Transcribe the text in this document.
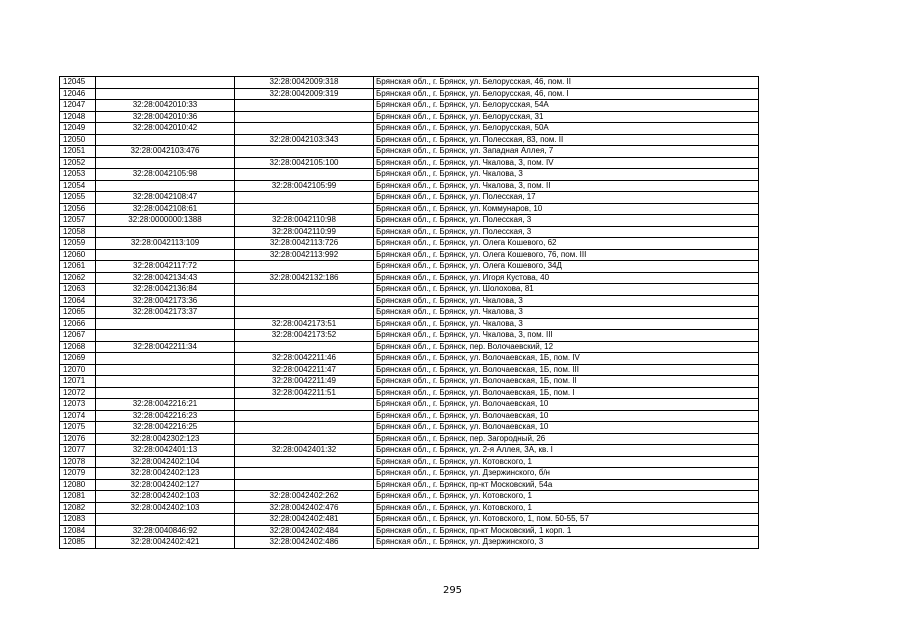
12045		32:28:0042009:318	Брянская обл., г. Брянск, ул. Белорусская, 46, пом. II
12046		32:28:0042009:319	Брянская обл., г. Брянск, ул. Белорусская, 46, пом. I
12047	32:28:0042010:33		Брянская обл., г. Брянск, ул. Белорусская, 54А
12048	32:28:0042010:36		Брянская обл., г. Брянск, ул. Белорусская, 31
12049	32:28:0042010:42		Брянская обл., г. Брянск, ул. Белорусская, 50А
12050		32:28:0042103:343	Брянская обл., г. Брянск, ул. Полесская, 83, пом. II
12051	32:28:0042103:476		Брянская обл., г. Брянск, ул. Западная Аллея, 7
12052		32:28:0042105:100	Брянская обл., г. Брянск, ул. Чкалова, 3, пом. IV
12053	32:28:0042105:98		Брянская обл., г. Брянск, ул. Чкалова, 3
12054		32:28:0042105:99	Брянская обл., г. Брянск, ул. Чкалова, 3, пом. II
12055	32:28:0042108:47		Брянская обл., г. Брянск, ул. Полесская, 17
12056	32:28:0042108:61		Брянская обл., г. Брянск, ул. Коммунаров, 10
12057	32:28:0000000:1388	32:28:0042110:98	Брянская обл., г. Брянск, ул. Полесская, 3
12058		32:28:0042110:99	Брянская обл., г. Брянск, ул. Полесская, 3
12059	32:28:0042113:109	32:28:0042113:726	Брянская обл., г. Брянск, ул. Олега Кошевого, 62
12060		32:28:0042113:992	Брянская обл., г. Брянск, ул. Олега Кошевого, 76, пом. III
12061	32:28:0042117:72		Брянская обл., г. Брянск, ул. Олега Кошевого, 34Д
12062	32:28:0042134:43	32:28:0042132:186	Брянская обл., г. Брянск, ул. Игоря Кустова, 40
12063	32:28:0042136:84		Брянская обл., г. Брянск, ул. Шолохова, 81
12064	32:28:0042173:36		Брянская обл., г. Брянск, ул. Чкалова, 3
12065	32:28:0042173:37		Брянская обл., г. Брянск, ул. Чкалова, 3
12066		32:28:0042173:51	Брянская обл., г. Брянск, ул. Чкалова, 3
12067		32:28:0042173:52	Брянская обл., г. Брянск, ул. Чкалова, 3, пом. III
12068	32:28:0042211:34		Брянская обл., г. Брянск, пер. Волочаевский, 12
12069		32:28:0042211:46	Брянская обл., г. Брянск, ул. Волочаевская, 1Б, пом. IV
12070		32:28:0042211:47	Брянская обл., г. Брянск, ул. Волочаевская, 1Б, пом. III
12071		32:28:0042211:49	Брянская обл., г. Брянск, ул. Волочаевская, 1Б, пом. II
12072		32:28:0042211:51	Брянская обл., г. Брянск, ул. Волочаевская, 1Б, пом. I
12073	32:28:0042216:21		Брянская обл., г. Брянск, ул. Волочаевская, 10
12074	32:28:0042216:23		Брянская обл., г. Брянск, ул. Волочаевская, 10
12075	32:28:0042216:25		Брянская обл., г. Брянск, ул. Волочаевская, 10
12076	32:28:0042302:123		Брянская обл., г. Брянск, пер. Загородный, 26
12077	32:28:0042401:13	32:28:0042401:32	Брянская обл., г. Брянск, ул. 2-я Аллея, 3А, кв. I
12078	32:28:0042402:104		Брянская обл., г. Брянск, ул. Котовского, 1
12079	32:28:0042402:123		Брянская обл., г. Брянск, ул. Дзержинского, б/н
12080	32:28:0042402:127		Брянская обл., г. Брянск, пр-кт Московский, 54а
12081	32:28:0042402:103	32:28:0042402:262	Брянская обл., г. Брянск, ул. Котовского, 1
12082	32:28:0042402:103	32:28:0042402:476	Брянская обл., г. Брянск, ул. Котовского, 1
12083		32:28:0042402:481	Брянская обл., г. Брянск, ул. Котовского, 1, пом. 50-55, 57
12084	32:28:0040846:92	32:28:0042402:484	Брянская обл., г. Брянск, пр-кт Московский, 1 корп. 1
12085	32:28:0042402:421	32:28:0042402:486	Брянская обл., г. Брянск, ул. Дзержинского, 3
295
